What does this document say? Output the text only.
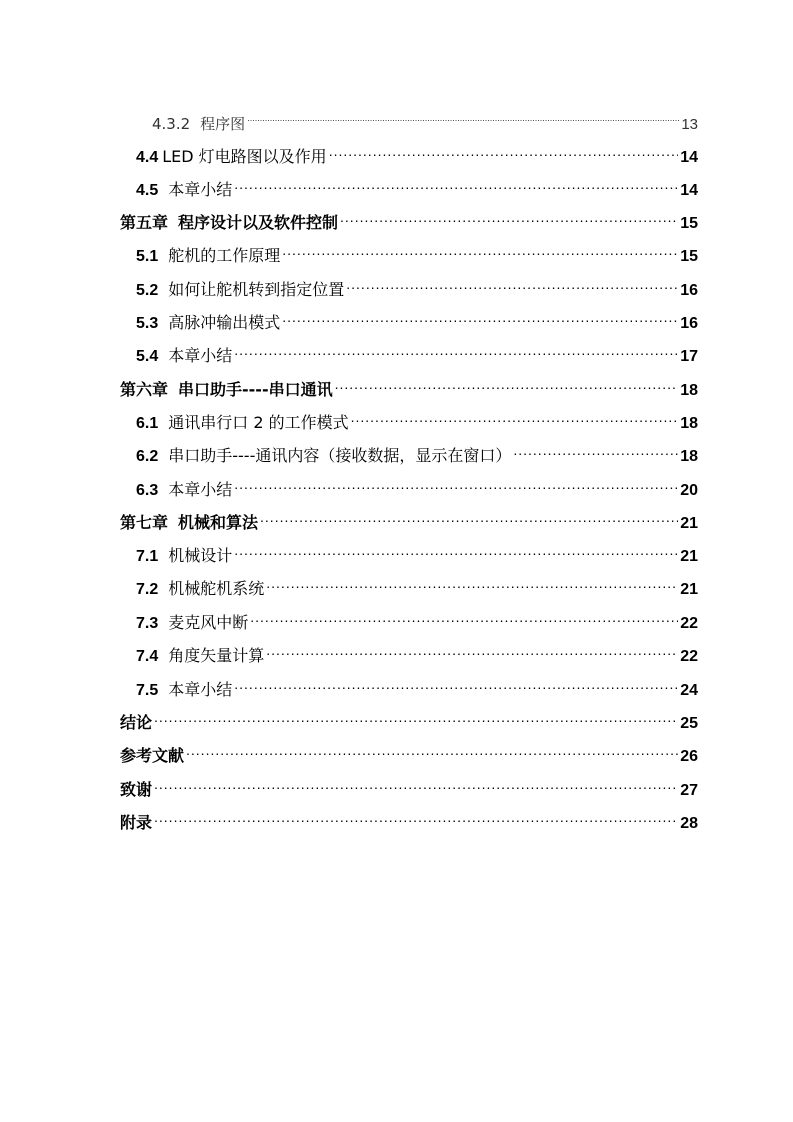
4.3.2 程序图 .....	13
4.4 LED 灯电路图以及作用 .....	14
4.5 本章小结 .....	14
第五章 程序设计以及软件控制 .....	15
5.1 舵机的工作原理 .....	15
5.2 如何让舵机转到指定位置 .....	16
5.3 高脉冲输出模式 .....	16
5.4 本章小结 .....	17
第六章 串口助手----串口通讯 .....	18
6.1 通讯串行口 2 的工作模式 .....	18
6.2 串口助手----通讯内容（接收数据，显示在窗口） .....	18
6.3 本章小结 .....	20
第七章 机械和算法 .....	21
7.1 机械设计 .....	21
7.2 机械舵机系统 .....	21
7.3 麦克风中断 .....	22
7.4 角度矢量计算 .....	22
7.5 本章小结 .....	24
结论 .....	25
参考文献 .....	26
致谢 .....	27
附录 .....	28
